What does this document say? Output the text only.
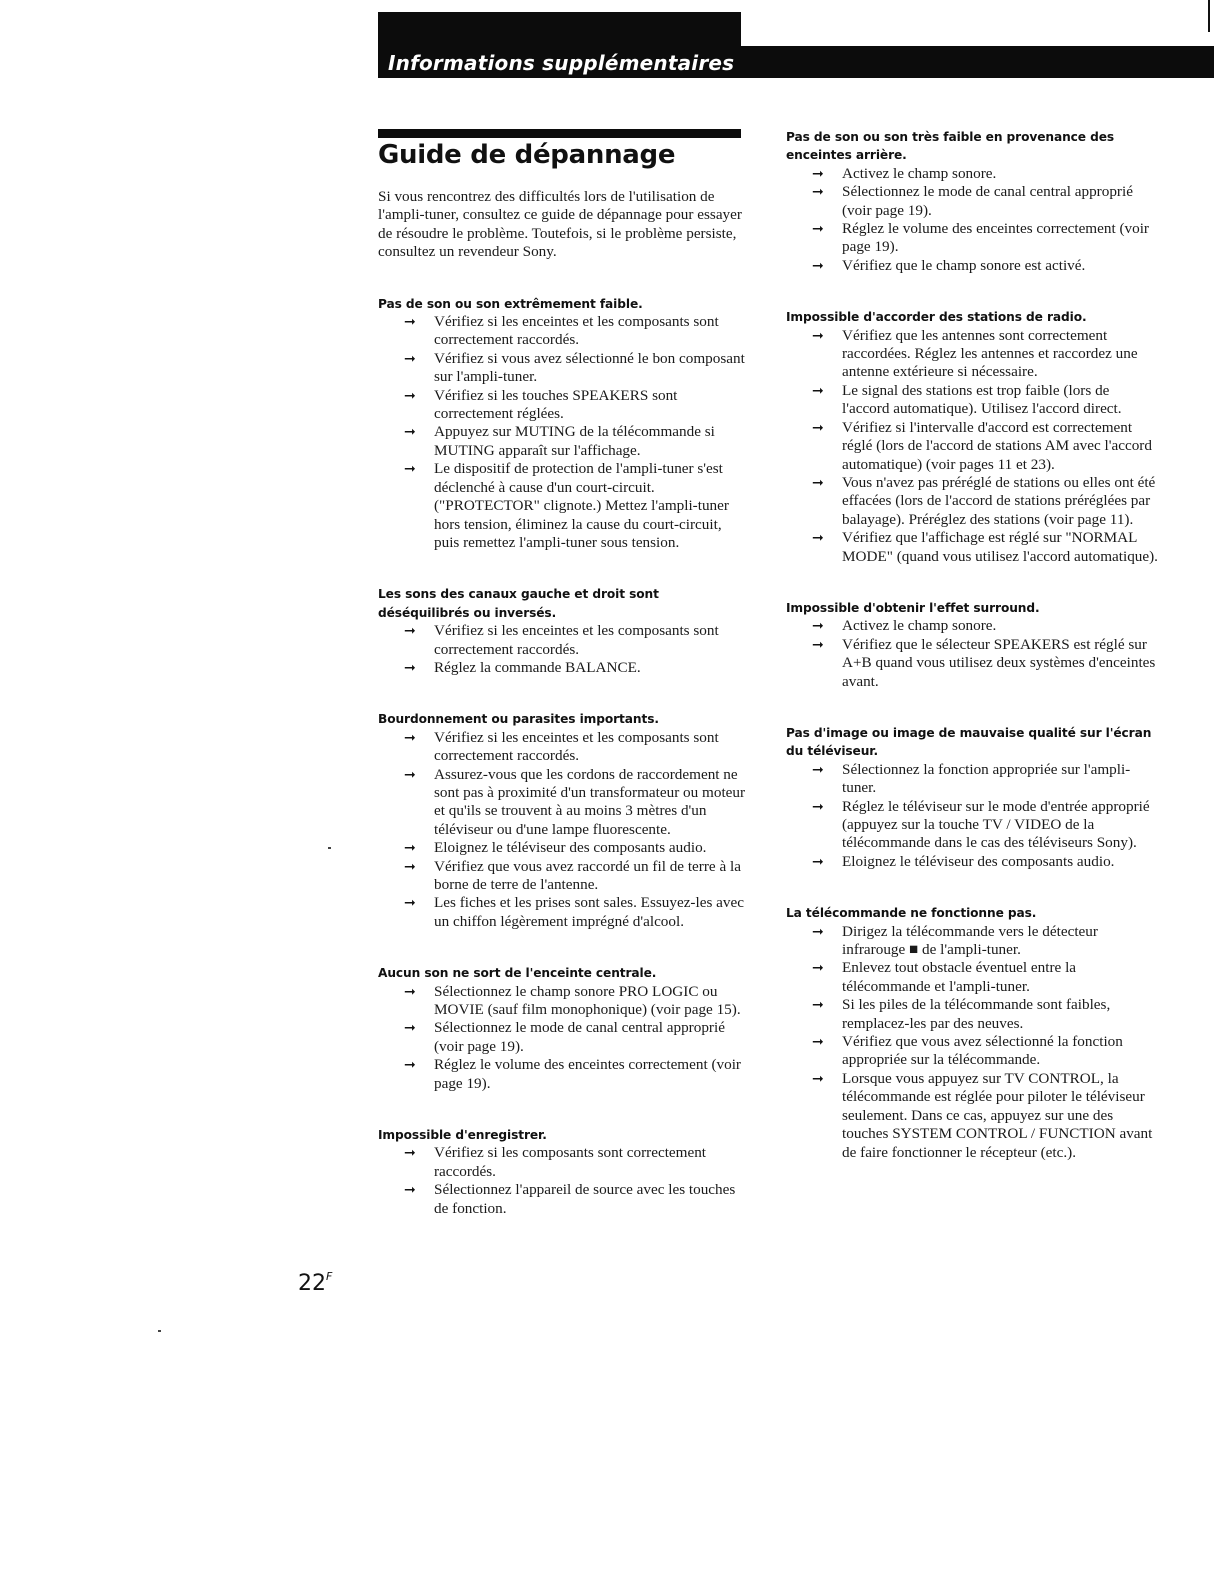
Informations supplémentaires
Guide de dépannage

Si vous rencontrez des difficultés lors de l'utilisation de l'ampli-tuner, consultez ce guide de dépannage pour essayer de résoudre le problème. Toutefois, si le problème persiste, consultez un revendeur Sony.

Pas de son ou son extrêmement faible.

➞ Vérifiez si les enceintes et les composants sont correctement raccordés.
➞ Vérifiez si vous avez sélectionné le bon composant sur l'ampli-tuner.
➞ Vérifiez si les touches SPEAKERS sont correctement réglées.
➞ Appuyez sur MUTING de la télécommande si MUTING apparaît sur l'affichage.
➞ Le dispositif de protection de l'ampli-tuner s'est déclenché à cause d'un court-circuit. ("PROTECTOR" clignote.) Mettez l'ampli-tuner hors tension, éliminez la cause du court-circuit, puis remettez l'ampli-tuner sous tension.

Les sons des canaux gauche et droit sont déséquilibrés ou inversés.

➞ Vérifiez si les enceintes et les composants sont correctement raccordés.
➞ Réglez la commande BALANCE.

Bourdonnement ou parasites importants.

➞ Vérifiez si les enceintes et les composants sont correctement raccordés.
➞ Assurez-vous que les cordons de raccordement ne sont pas à proximité d'un transformateur ou moteur et qu'ils se trouvent à au moins 3 mètres d'un téléviseur ou d'une lampe fluorescente.
➞ Eloignez le téléviseur des composants audio.
➞ Vérifiez que vous avez raccordé un fil de terre à la borne de terre de l'antenne.
➞ Les fiches et les prises sont sales. Essuyez-les avec un chiffon légèrement imprégné d'alcool.

Aucun son ne sort de l'enceinte centrale.

➞ Sélectionnez le champ sonore PRO LOGIC ou MOVIE (sauf film monophonique) (voir page 15).
➞ Sélectionnez le mode de canal central approprié (voir page 19).
➞ Réglez le volume des enceintes correctement (voir page 19).

Impossible d'enregistrer.

➞ Vérifiez si les composants sont correctement raccordés.
➞ Sélectionnez l'appareil de source avec les touches de fonction.

Pas de son ou son très faible en provenance des enceintes arrière.

➞ Activez le champ sonore.
➞ Sélectionnez le mode de canal central approprié (voir page 19).
➞ Réglez le volume des enceintes correctement (voir page 19).
➞ Vérifiez que le champ sonore est activé.

Impossible d'accorder des stations de radio.

➞ Vérifiez que les antennes sont correctement raccordées. Réglez les antennes et raccordez une antenne extérieure si nécessaire.
➞ Le signal des stations est trop faible (lors de l'accord automatique). Utilisez l'accord direct.
➞ Vérifiez si l'intervalle d'accord est correctement réglé (lors de l'accord de stations AM avec l'accord automatique) (voir pages 11 et 23).
➞ Vous n'avez pas préréglé de stations ou elles ont été effacées (lors de l'accord de stations préréglées par balayage). Préréglez des stations (voir page 11).
➞ Vérifiez que l'affichage est réglé sur "NORMAL MODE" (quand vous utilisez l'accord automatique).

Impossible d'obtenir l'effet surround.

➞ Activez le champ sonore.
➞ Vérifiez que le sélecteur SPEAKERS est réglé sur A+B quand vous utilisez deux systèmes d'enceintes avant.

Pas d'image ou image de mauvaise qualité sur l'écran du téléviseur.

➞ Sélectionnez la fonction appropriée sur l'ampli-tuner.
➞ Réglez le téléviseur sur le mode d'entrée approprié (appuyez sur la touche TV / VIDEO de la télécommande dans le cas des téléviseurs Sony).
➞ Eloignez le téléviseur des composants audio.

La télécommande ne fonctionne pas.

➞ Dirigez la télécommande vers le détecteur infrarouge ■ de l'ampli-tuner.
➞ Enlevez tout obstacle éventuel entre la télécommande et l'ampli-tuner.
➞ Si les piles de la télécommande sont faibles, remplacez-les par des neuves.
➞ Vérifiez que vous avez sélectionné la fonction appropriée sur la télécommande.
➞ Lorsque vous appuyez sur TV CONTROL, la télécommande est réglée pour piloter le téléviseur seulement. Dans ce cas, appuyez sur une des touches SYSTEM CONTROL / FUNCTION avant de faire fonctionner le récepteur (etc.).
$22^F$
